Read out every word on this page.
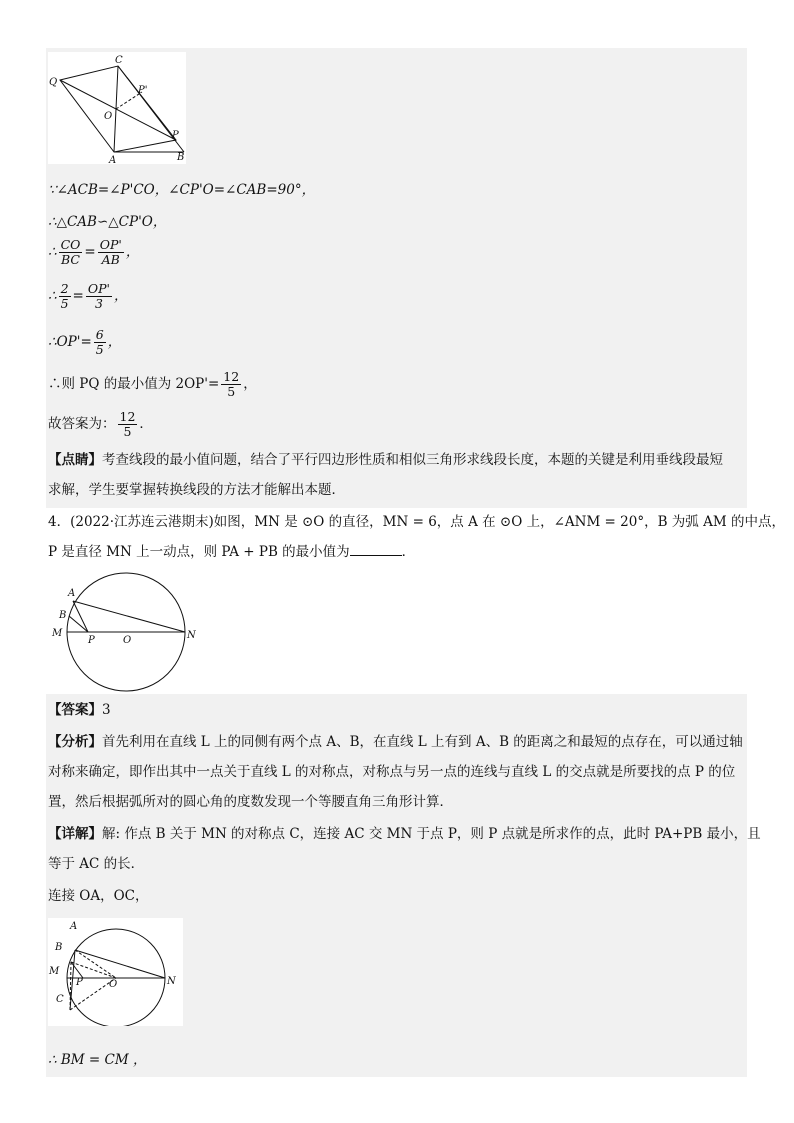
Q
C
P'
O
P
A	B
∵∠ACB=∠P'CO，∠CP'O=∠CAB=90°，
∴△CAB∽△CP'O，
∴ $\frac{CO}{BC} = \frac{OP'}{AB}$ ，
∴ $\frac{2}{5} = \frac{OP'}{3}$ ，
∴OP'= $\frac{6}{5}$ ，
∴则 PQ 的最小值为 $2OP'= \frac{12}{5}$ ，
故答案为： $\frac{12}{5}$ ．
【点睛】考查线段的最小值问题，结合了平行四边形性质和相似三角形求线段长度，本题的关键是利用垂线段最短
求解，学生要掌握转换线段的方法才能解出本题．
4．(2022·江苏连云港期末)如图，MN 是 ⊙O 的直径，MN = 6，点 A 在 ⊙O 上，∠ANM = 20°，B 为弧 AM 的中点，
P 是直径 MN 上一动点，则 PA + PB 的最小值为	．
A
B
M
P	O	N
【答案】3
【分析】首先利用在直线 L 上的同侧有两个点 A、B，在直线 L 上有到 A、B 的距离之和最短的点存在，可以通过轴
对称来确定，即作出其中一点关于直线 L 的对称点，对称点与另一点的连线与直线 L 的交点就是所要找的点 P 的位
置，然后根据弧所对的圆心角的度数发现一个等腰直角三角形计算．
【详解】解: 作点 B 关于 MN 的对称点 C，连接 AC 交 MN 于点 P，则 P 点就是所求作的点，此时 PA+PB 最小，且
等于 AC 的长．
连接 OA，OC，
A
B
M
P	O	N
C
∴ BM = CM ，
